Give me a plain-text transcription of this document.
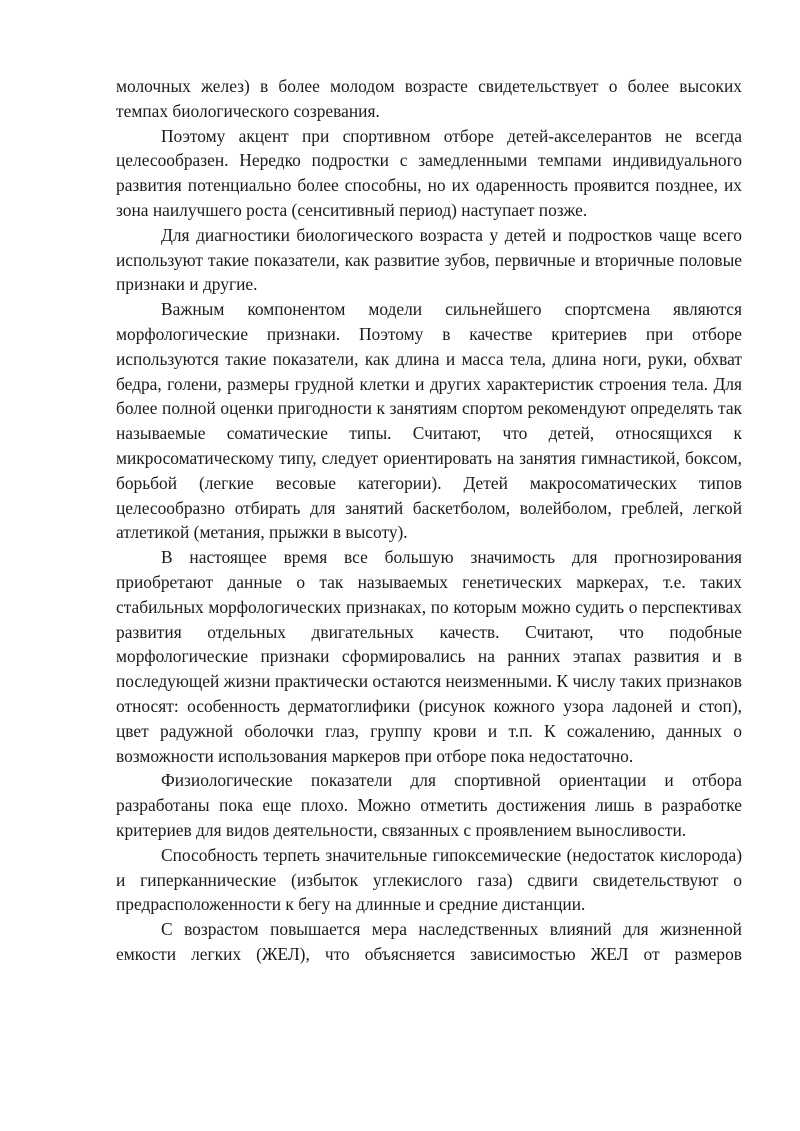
молочных желез) в более молодом возрасте свидетельствует о более высоких темпах биологического созревания.

Поэтому акцент при спортивном отборе детей-акселерантов не всегда целесообразен. Нередко подростки с замедленными темпами индивидуального развития потенциально более способны, но их одаренность проявится позднее, их зона наилучшего роста (сенситивный период) наступает позже.

Для диагностики биологического возраста у детей и подростков чаще всего используют такие показатели, как развитие зубов, первичные и вторичные половые признаки и другие.

Важным компонентом модели сильнейшего спортсмена являются морфологические признаки. Поэтому в качестве критериев при отборе используются такие показатели, как длина и масса тела, длина ноги, руки, обхват бедра, голени, размеры грудной клетки и других характеристик строения тела. Для более полной оценки пригодности к занятиям спортом рекомендуют определять так называемые соматические типы. Считают, что детей, относящихся к микросоматическому типу, следует ориентировать на занятия гимнастикой, боксом, борьбой (легкие весовые категории). Детей макросоматических типов целесообразно отбирать для занятий баскетболом, волейболом, греблей, легкой атлетикой (метания, прыжки в высоту).

В настоящее время все большую значимость для прогнозирования приобретают данные о так называемых генетических маркерах, т.е. таких стабильных морфологических признаках, по которым можно судить о перспективах развития отдельных двигательных качеств. Считают, что подобные морфологические признаки сформировались на ранних этапах развития и в последующей жизни практически остаются неизменными. К числу таких признаков относят: особенность дерматоглифики (рисунок кожного узора ладоней и стоп), цвет радужной оболочки глаз, группу крови и т.п. К сожалению, данных о возможности использования маркеров при отборе пока недостаточно.

Физиологические показатели для спортивной ориентации и отбора разработаны пока еще плохо. Можно отметить достижения лишь в разработке критериев для видов деятельности, связанных с проявлением выносливости.

Способность терпеть значительные гипоксемические (недостаток кислорода) и гиперканнические (избыток углекислого газа) сдвиги свидетельствуют о предрасположенности к бегу на длинные и средние дистанции.

С возрастом повышается мера наследственных влияний для жизненной емкости легких (ЖЕЛ), что объясняется зависимостью ЖЕЛ от размеров
